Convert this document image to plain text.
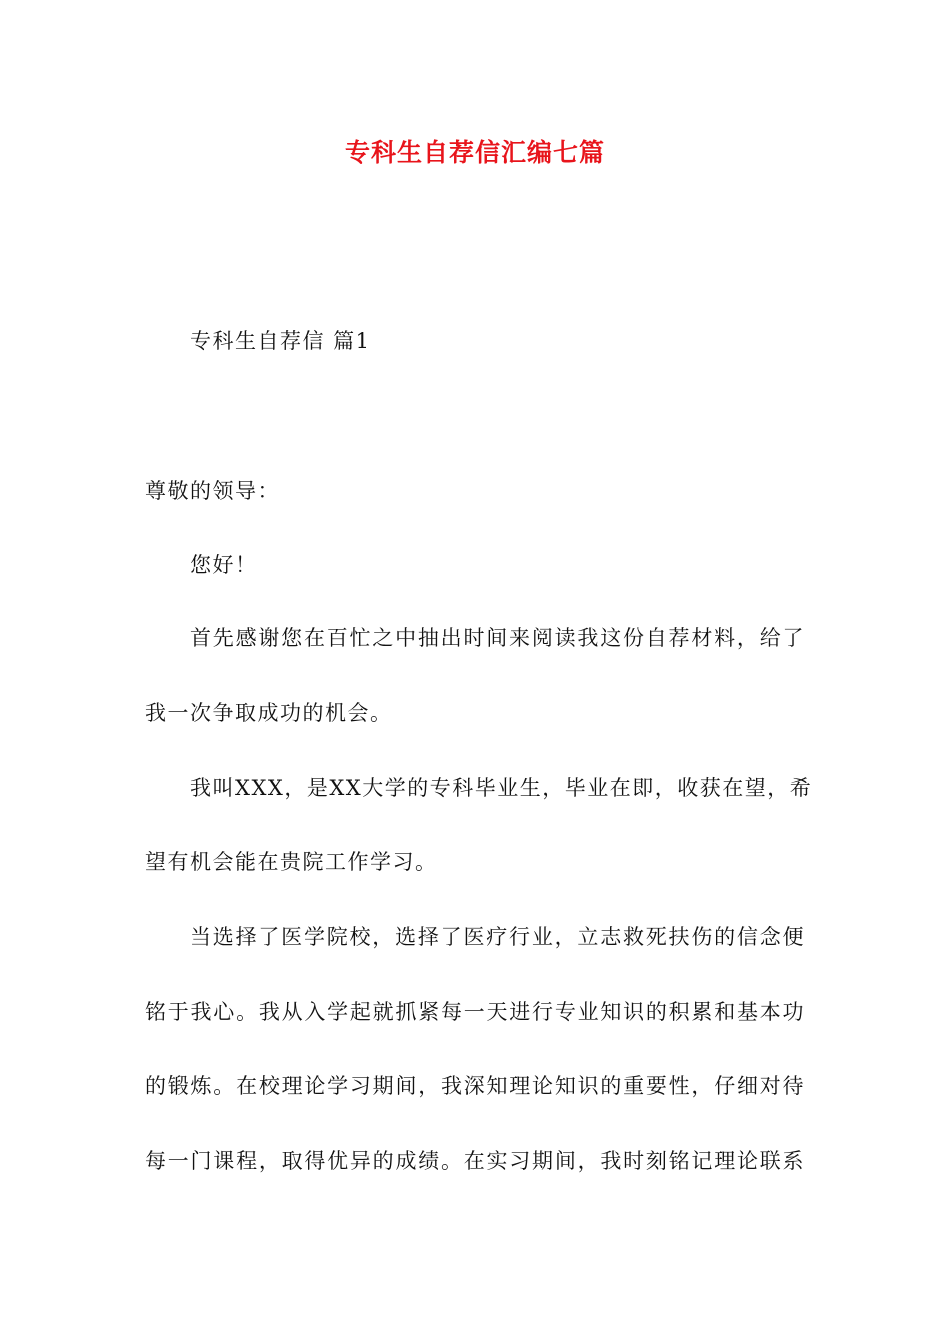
专科生自荐信汇编七篇
专科生自荐信 篇1
尊敬的领导：
您好！
首先感谢您在百忙之中抽出时间来阅读我这份自荐材料，给了
我一次争取成功的机会。
我叫XXX，是XX大学的专科毕业生，毕业在即，收获在望，希
望有机会能在贵院工作学习。
当选择了医学院校，选择了医疗行业，立志救死扶伤的信念便
铭于我心。我从入学起就抓紧每一天进行专业知识的积累和基本功
的锻炼。在校理论学习期间，我深知理论知识的重要性，仔细对待
每一门课程，取得优异的成绩。在实习期间，我时刻铭记理论联系
